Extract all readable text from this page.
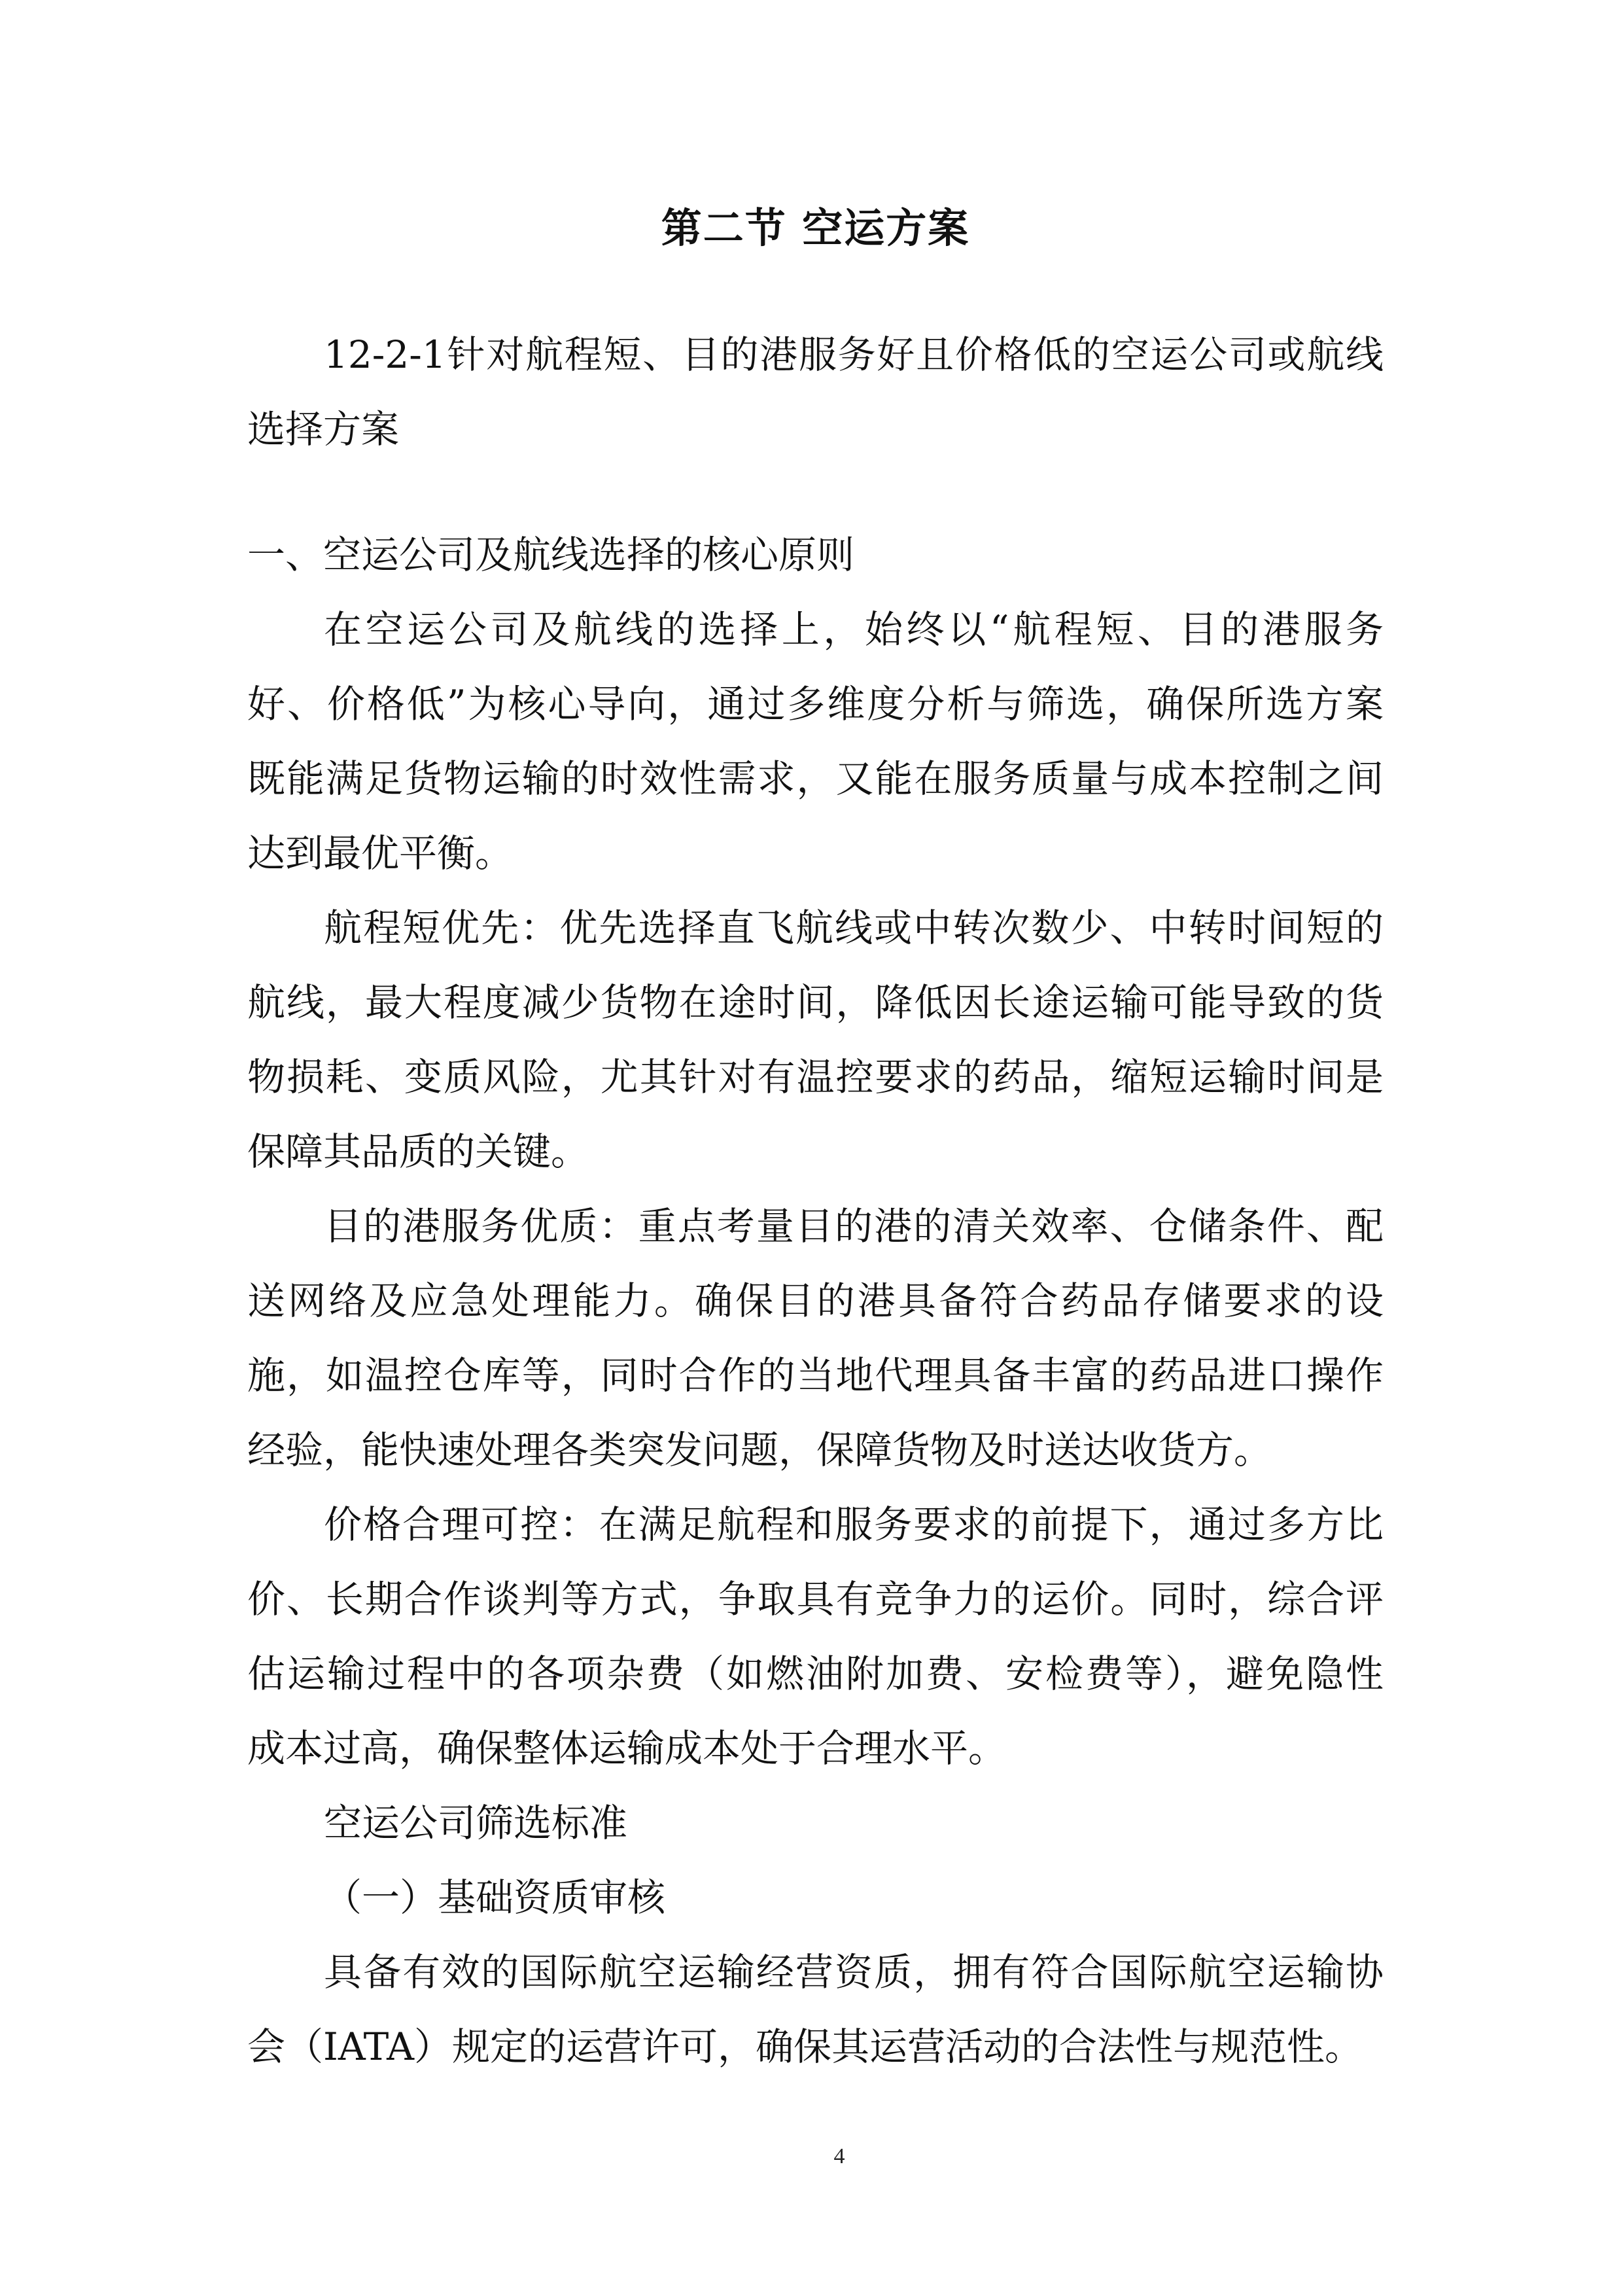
第二节 空运方案
12-2-1针对航程短、目的港服务好且价格低的空运公司或航线
选择方案
一、空运公司及航线选择的核心原则
在空运公司及航线的选择上，始终以“航程短、目的港服务
好、价格低”为核心导向，通过多维度分析与筛选，确保所选方案
既能满足货物运输的时效性需求，又能在服务质量与成本控制之间
达到最优平衡。
航程短优先：优先选择直飞航线或中转次数少、中转时间短的
航线，最大程度减少货物在途时间，降低因长途运输可能导致的货
物损耗、变质风险，尤其针对有温控要求的药品，缩短运输时间是
保障其品质的关键。
目的港服务优质：重点考量目的港的清关效率、仓储条件、配
送网络及应急处理能力。确保目的港具备符合药品存储要求的设
施，如温控仓库等，同时合作的当地代理具备丰富的药品进口操作
经验，能快速处理各类突发问题，保障货物及时送达收货方。
价格合理可控：在满足航程和服务要求的前提下，通过多方比
价、长期合作谈判等方式，争取具有竞争力的运价。同时，综合评
估运输过程中的各项杂费（如燃油附加费、安检费等），避免隐性
成本过高，确保整体运输成本处于合理水平。
空运公司筛选标准
（一）基础资质审核
具备有效的国际航空运输经营资质，拥有符合国际航空运输协
会（IATA）规定的运营许可，确保其运营活动的合法性与规范性。
4
